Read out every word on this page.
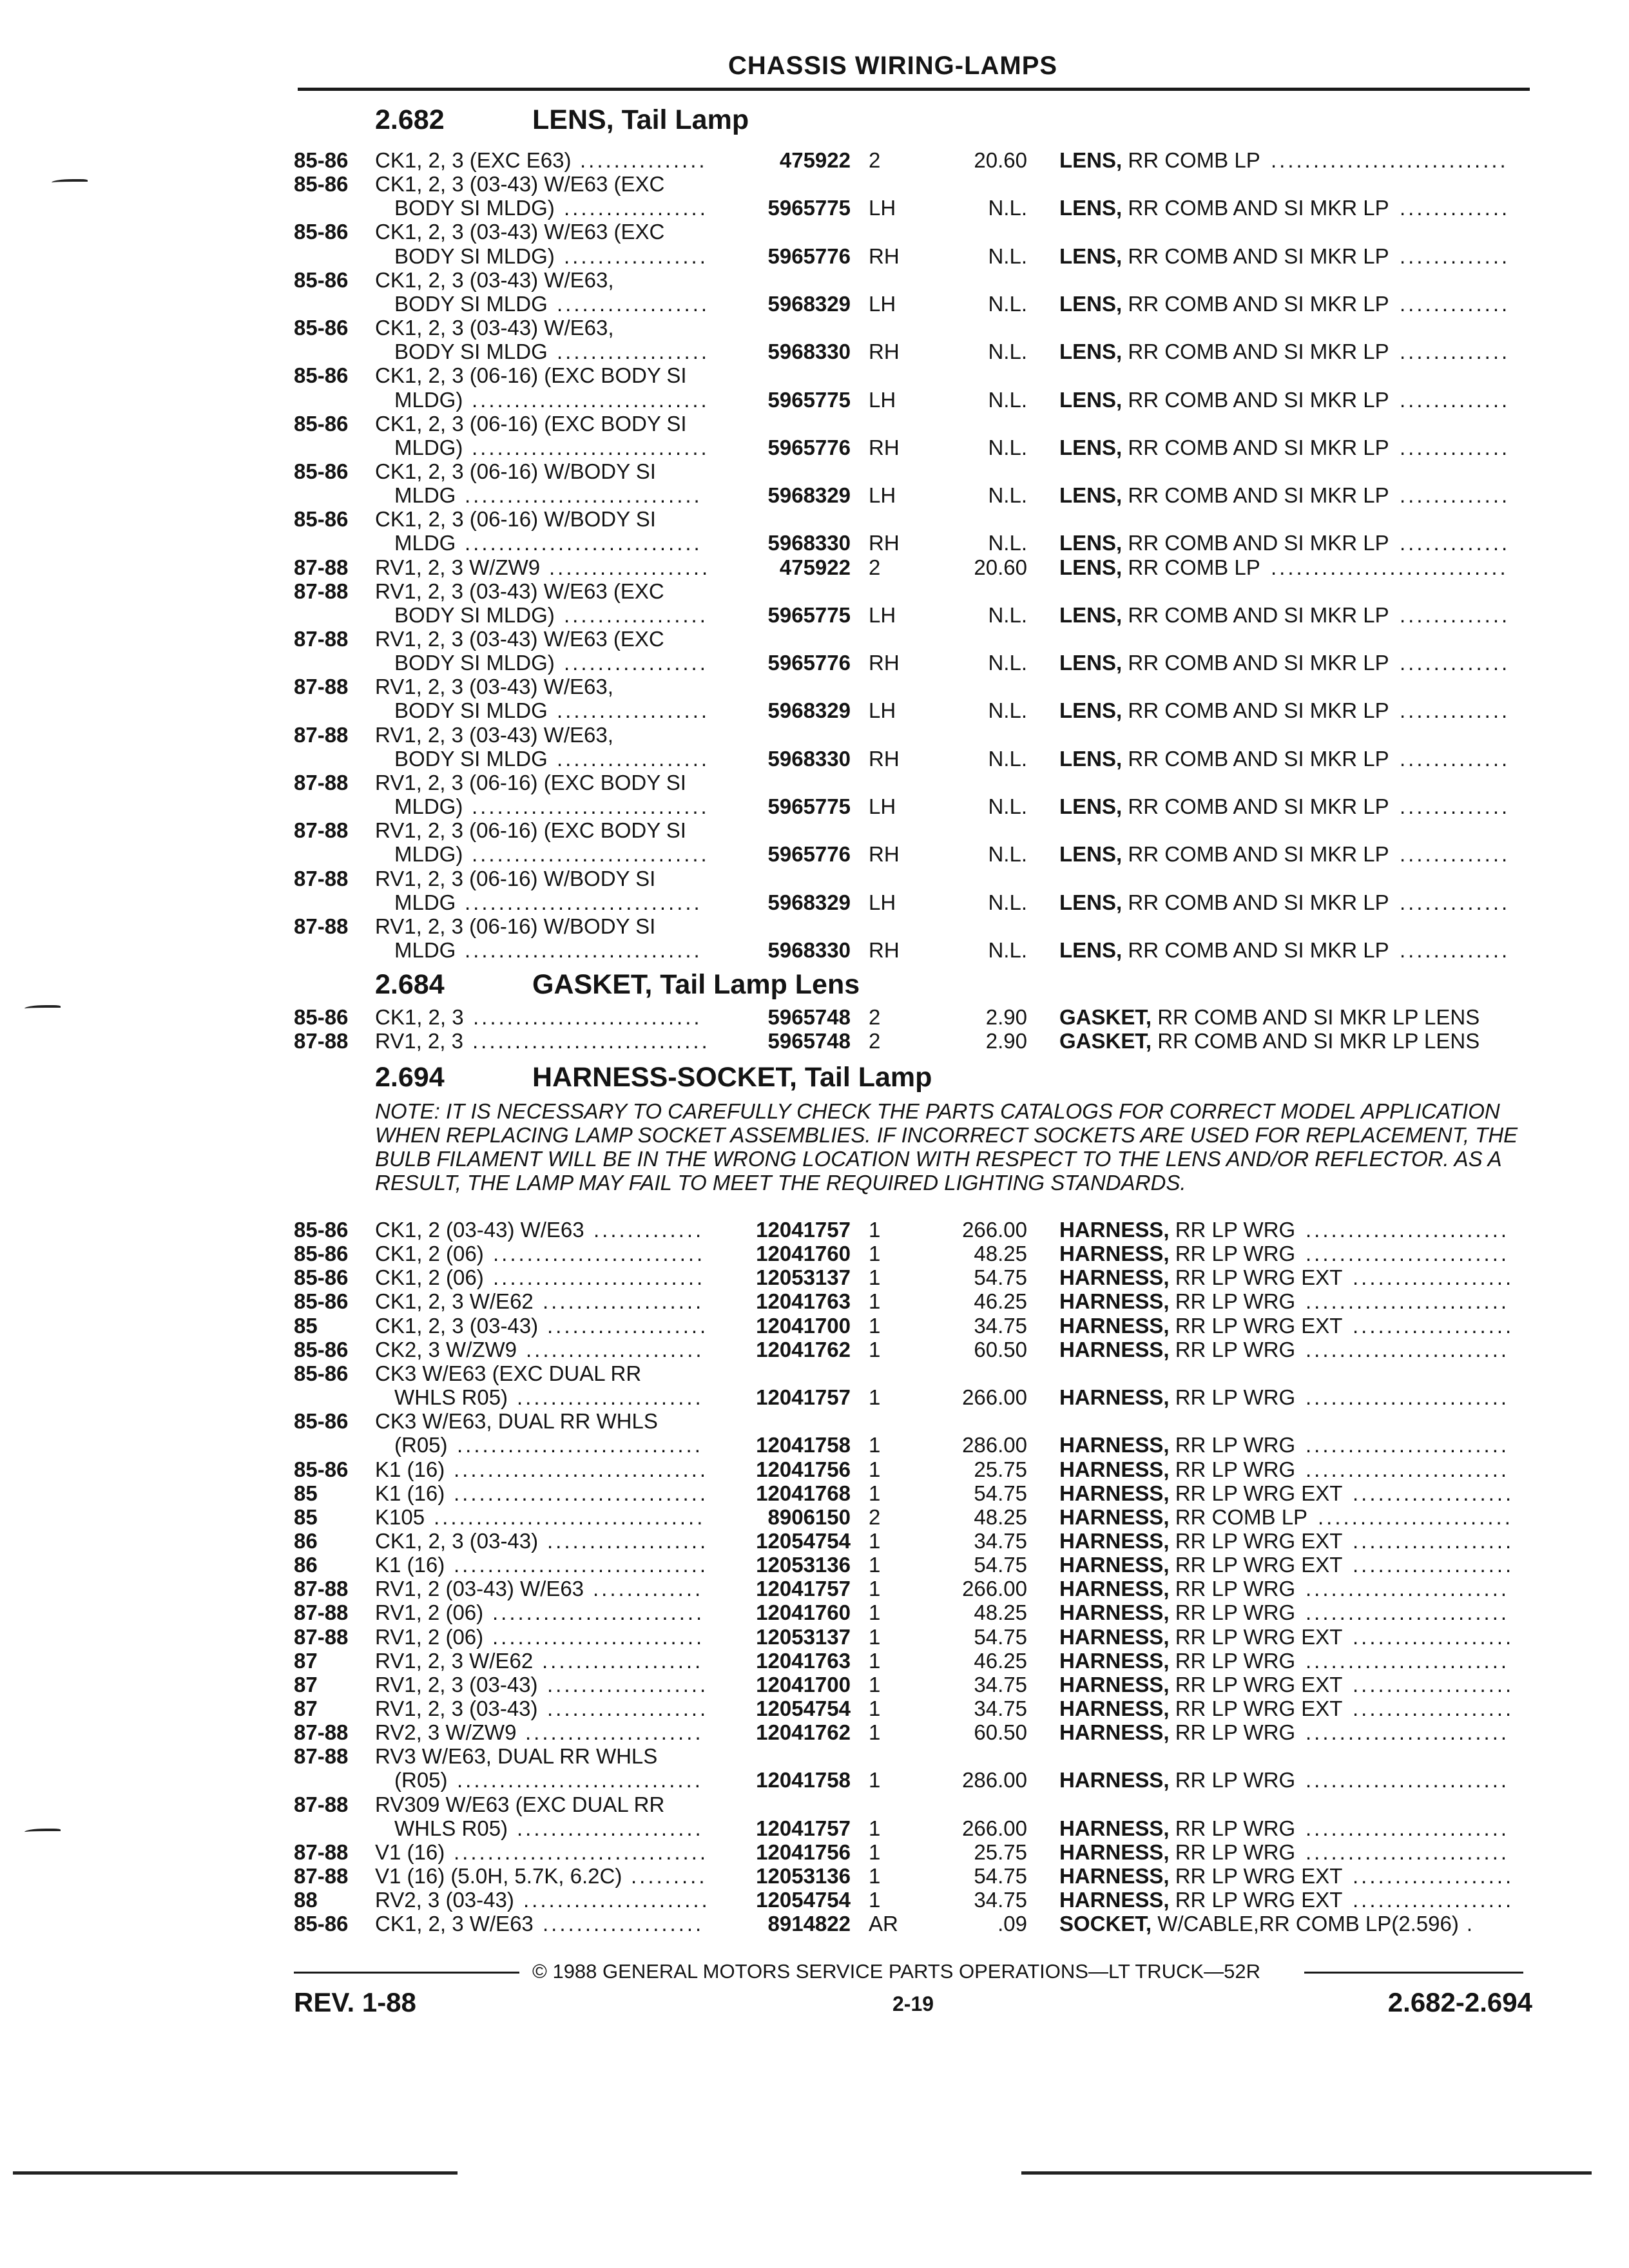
CHASSIS WIRING-LAMPS
2.682	LENS, Tail Lamp
85-86 CK1, 2, 3 (EXC E63) ...............	475922 2	20.60 LENS, RR COMB LP ............................
85-86 CK1, 2, 3 (03-43) W/E63 (EXC
BODY SI MLDG) .................	5965775 LH	N.L. LENS, RR COMB AND SI MKR LP .............
85-86 CK1, 2, 3 (03-43) W/E63 (EXC
BODY SI MLDG) .................	5965776 RH	N.L. LENS, RR COMB AND SI MKR LP .............
85-86 CK1, 2, 3 (03-43) W/E63,
BODY SI MLDG ..................	5968329 LH	N.L. LENS, RR COMB AND SI MKR LP .............
85-86 CK1, 2, 3 (03-43) W/E63,
BODY SI MLDG ..................	5968330 RH	N.L. LENS, RR COMB AND SI MKR LP .............
85-86 CK1, 2, 3 (06-16) (EXC BODY SI
MLDG) ............................	5965775 LH	N.L. LENS, RR COMB AND SI MKR LP .............
85-86 CK1, 2, 3 (06-16) (EXC BODY SI
MLDG) ............................	5965776 RH	N.L. LENS, RR COMB AND SI MKR LP .............
85-86 CK1, 2, 3 (06-16) W/BODY SI
MLDG ............................	5968329 LH	N.L. LENS, RR COMB AND SI MKR LP .............
85-86 CK1, 2, 3 (06-16) W/BODY SI
MLDG ............................	5968330 RH	N.L. LENS, RR COMB AND SI MKR LP .............
87-88 RV1, 2, 3 W/ZW9 ...................	475922 2	20.60 LENS, RR COMB LP ............................
87-88 RV1, 2, 3 (03-43) W/E63 (EXC
BODY SI MLDG) .................	5965775 LH	N.L. LENS, RR COMB AND SI MKR LP .............
87-88 RV1, 2, 3 (03-43) W/E63 (EXC
BODY SI MLDG) .................	5965776 RH	N.L. LENS, RR COMB AND SI MKR LP .............
87-88 RV1, 2, 3 (03-43) W/E63,
BODY SI MLDG ..................	5968329 LH	N.L. LENS, RR COMB AND SI MKR LP .............
87-88 RV1, 2, 3 (03-43) W/E63,
BODY SI MLDG ..................	5968330 RH	N.L. LENS, RR COMB AND SI MKR LP .............
87-88 RV1, 2, 3 (06-16) (EXC BODY SI
MLDG) ............................	5965775 LH	N.L. LENS, RR COMB AND SI MKR LP .............
87-88 RV1, 2, 3 (06-16) (EXC BODY SI
MLDG) ............................	5965776 RH	N.L. LENS, RR COMB AND SI MKR LP .............
87-88 RV1, 2, 3 (06-16) W/BODY SI
MLDG ............................	5968329 LH	N.L. LENS, RR COMB AND SI MKR LP .............
87-88 RV1, 2, 3 (06-16) W/BODY SI
MLDG ............................	5968330 RH	N.L. LENS, RR COMB AND SI MKR LP .............
2.684	GASKET, Tail Lamp Lens
85-86 CK1, 2, 3 ...........................	5965748 2	2.90 GASKET, RR COMB AND SI MKR LP LENS
87-88 RV1, 2, 3 ............................	5965748 2	2.90 GASKET, RR COMB AND SI MKR LP LENS
2.694	HARNESS-SOCKET, Tail Lamp
NOTE: IT IS NECESSARY TO CAREFULLY CHECK THE PARTS CATALOGS FOR CORRECT MODEL APPLICATION WHEN REPLACING LAMP SOCKET ASSEMBLIES. IF INCORRECT SOCKETS ARE USED FOR REPLACEMENT, THE BULB FILAMENT WILL BE IN THE WRONG LOCATION WITH RESPECT TO THE LENS AND/OR REFLECTOR. AS A RESULT, THE LAMP MAY FAIL TO MEET THE REQUIRED LIGHTING STANDARDS.
85-86 CK1, 2 (03-43) W/E63 ............. 12041757 1	266.00 HARNESS, RR LP WRG ........................
85-86 CK1, 2 (06) ......................... 12041760 1	48.25 HARNESS, RR LP WRG ........................
85-86 CK1, 2 (06) ......................... 12053137 1	54.75 HARNESS, RR LP WRG EXT ...................
85-86 CK1, 2, 3 W/E62 ................... 12041763 1	46.25 HARNESS, RR LP WRG ........................
85	CK1, 2, 3 (03-43) ................... 12041700 1	34.75 HARNESS, RR LP WRG EXT ...................
85-86 CK2, 3 W/ZW9 ..................... 12041762 1	60.50 HARNESS, RR LP WRG ........................
85-86 CK3 W/E63 (EXC DUAL RR
WHLS R05) ...................... 12041757 1	266.00 HARNESS, RR LP WRG ........................
85-86 CK3 W/E63, DUAL RR WHLS
(R05) ............................. 12041758 1	286.00 HARNESS, RR LP WRG ........................
85-86 K1 (16) .............................. 12041756 1	25.75 HARNESS, RR LP WRG ........................
85	K1 (16) .............................. 12041768 1	54.75 HARNESS, RR LP WRG EXT ...................
85	K105 ................................	8906150 2	48.25 HARNESS, RR COMB LP .......................
86	CK1, 2, 3 (03-43) ................... 12054754 1	34.75 HARNESS, RR LP WRG EXT ...................
86	K1 (16) .............................. 12053136 1	54.75 HARNESS, RR LP WRG EXT ...................
87-88 RV1, 2 (03-43) W/E63 ............. 12041757 1	266.00 HARNESS, RR LP WRG ........................
87-88 RV1, 2 (06) ......................... 12041760 1	48.25 HARNESS, RR LP WRG ........................
87-88 RV1, 2 (06) ......................... 12053137 1	54.75 HARNESS, RR LP WRG EXT ...................
87	RV1, 2, 3 W/E62 ................... 12041763 1	46.25 HARNESS, RR LP WRG ........................
87	RV1, 2, 3 (03-43) ................... 12041700 1	34.75 HARNESS, RR LP WRG EXT ...................
87	RV1, 2, 3 (03-43) ................... 12054754 1	34.75 HARNESS, RR LP WRG EXT ...................
87-88 RV2, 3 W/ZW9 ..................... 12041762 1	60.50 HARNESS, RR LP WRG ........................
87-88 RV3 W/E63, DUAL RR WHLS
(R05) ............................. 12041758 1	286.00 HARNESS, RR LP WRG ........................
87-88 RV309 W/E63 (EXC DUAL RR
WHLS R05) ...................... 12041757 1	266.00 HARNESS, RR LP WRG ........................
87-88 V1 (16) .............................. 12041756 1	25.75 HARNESS, RR LP WRG ........................
87-88 V1 (16) (5.0H, 5.7K, 6.2C) ......... 12053136 1	54.75 HARNESS, RR LP WRG EXT ...................
88	RV2, 3 (03-43) ...................... 12054754 1	34.75 HARNESS, RR LP WRG EXT ...................
85-86 CK1, 2, 3 W/E63 ...................	8914822 AR	.09 SOCKET, W/CABLE,RR COMB LP(2.596) .
© 1988 GENERAL MOTORS SERVICE PARTS OPERATIONS—LT TRUCK—52R
REV. 1-88	2-19	2.682-2.694
